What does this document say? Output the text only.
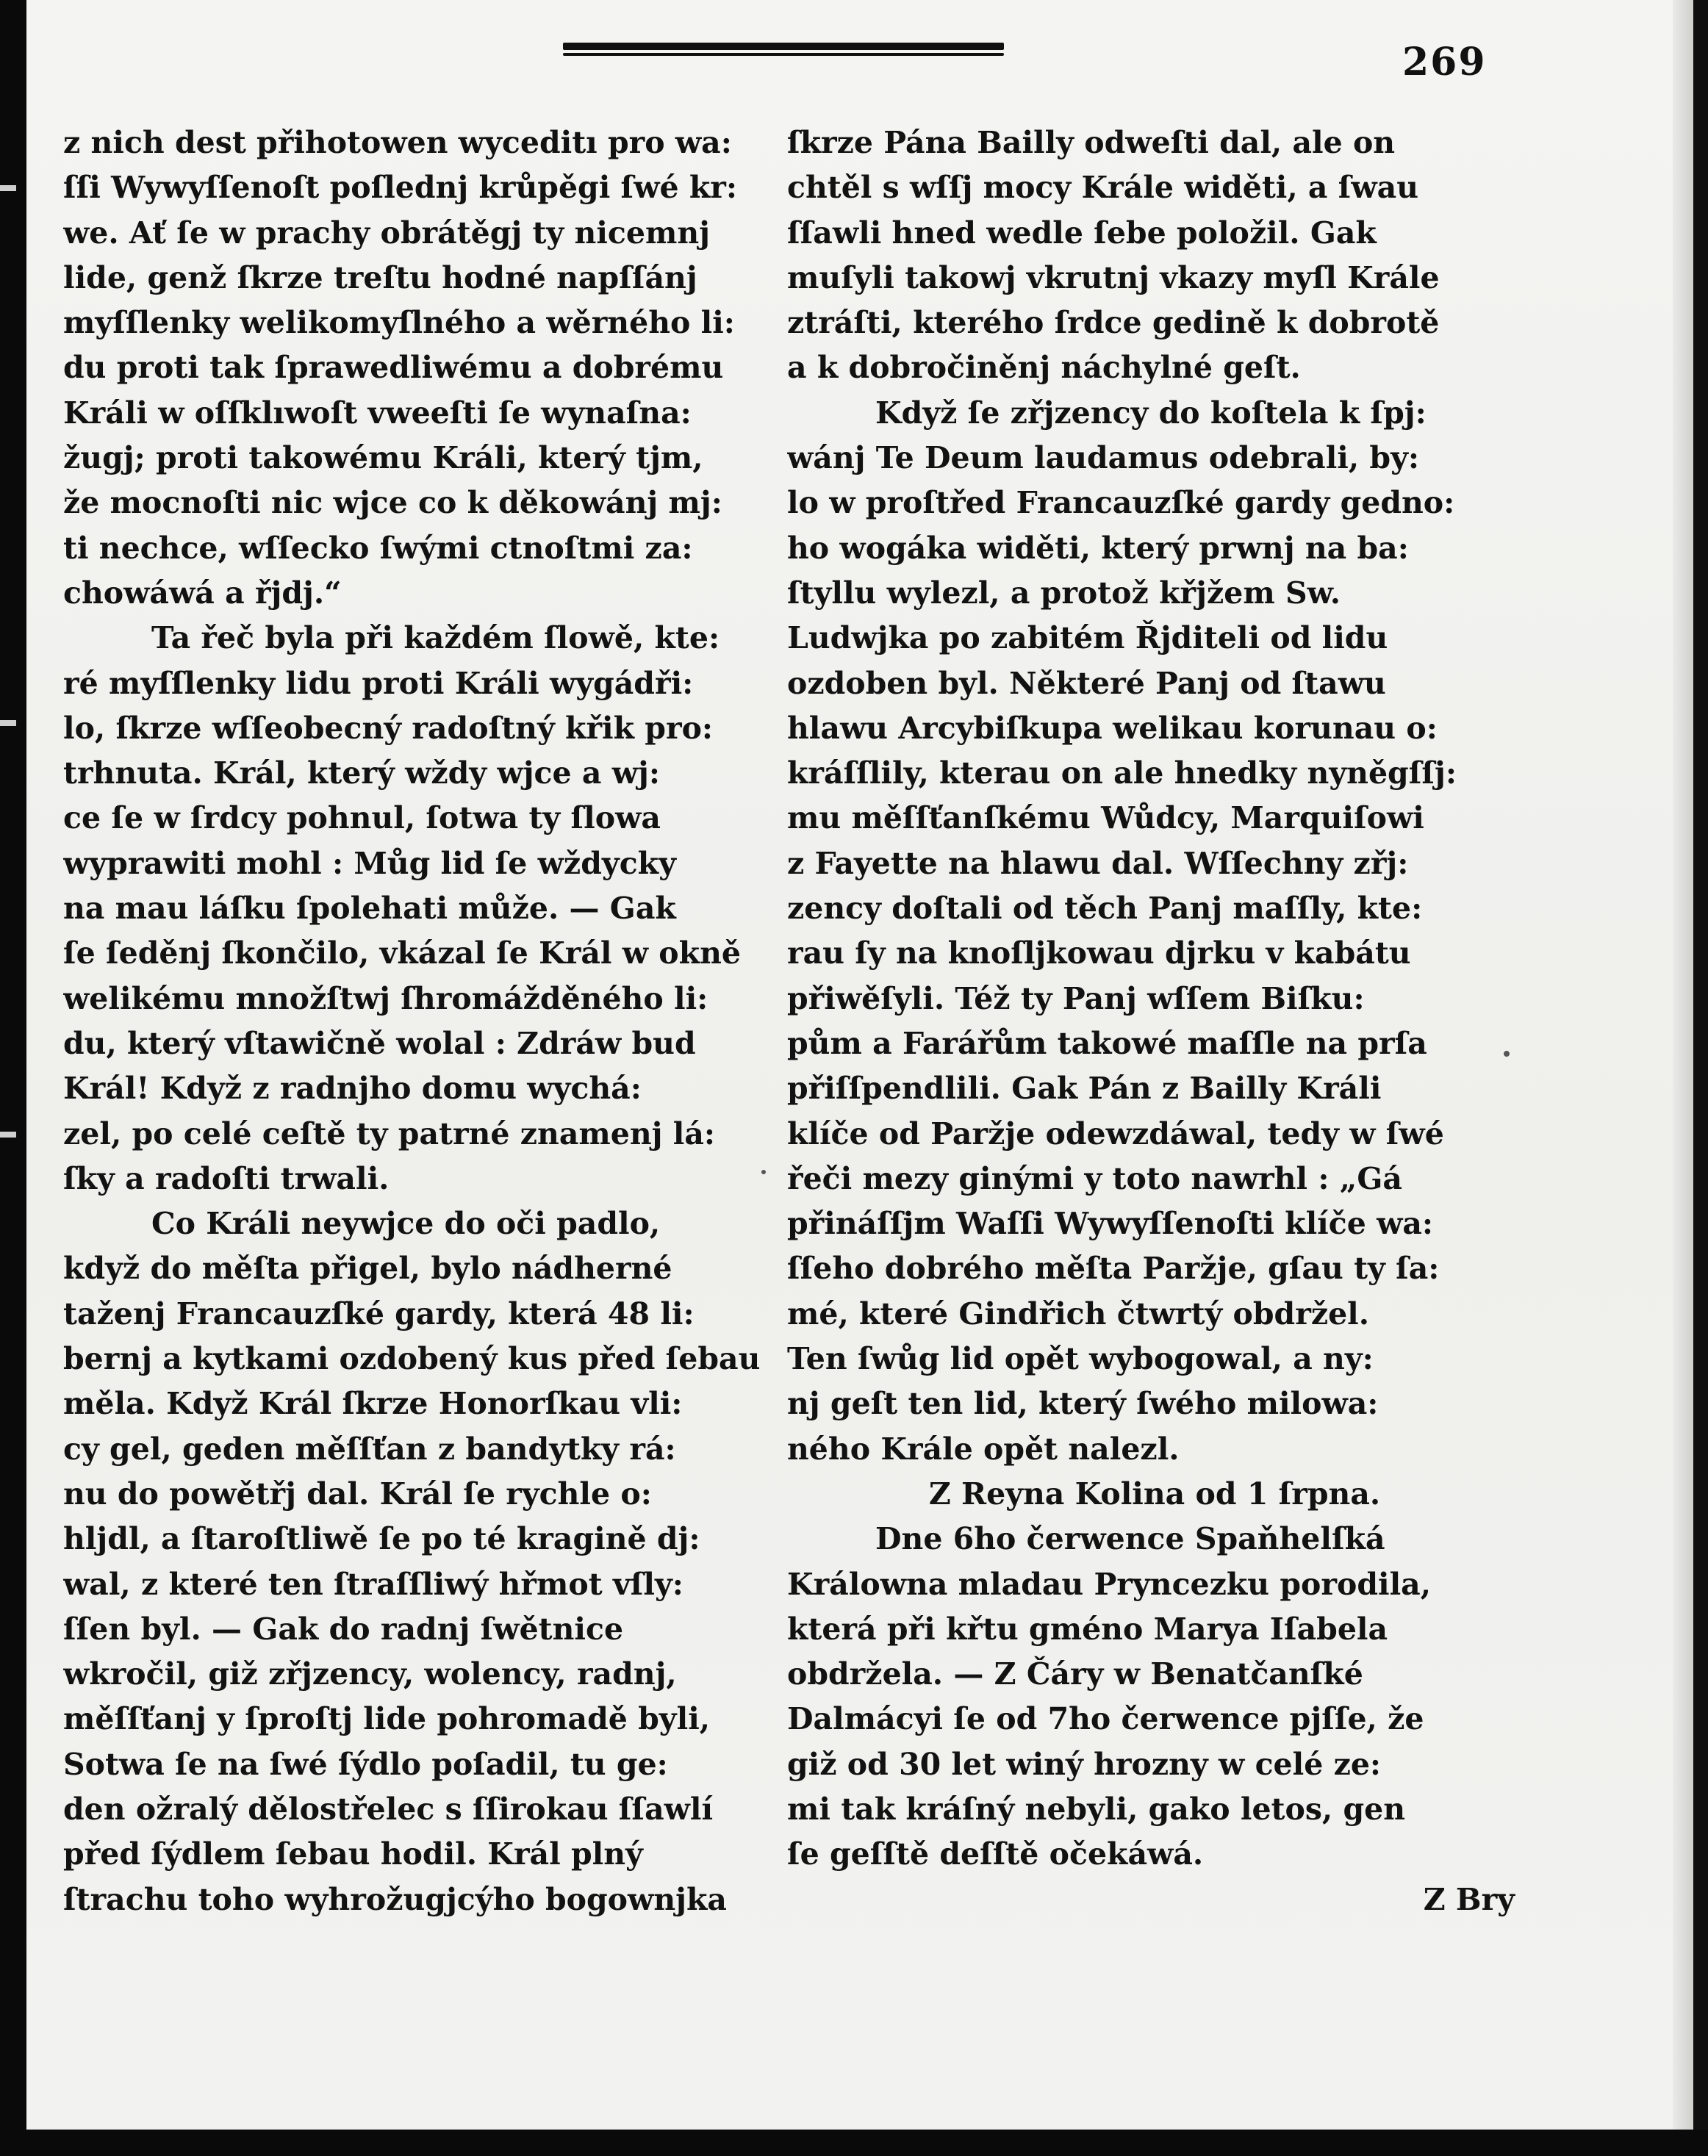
269
z nich dest přihotowen wyceditı pro wa:
ſſi Wywyſſenoſt poſlednj krůpěgi ſwé kr:
we. Ať ſe w prachy obrátěgj ty nicemnj
lide, genž ſkrze treſtu hodné napſſánj
myſſlenky welikomyſlného a wěrného li:
du proti tak ſprawedliwému a dobrému
Králi w oſſklıwoſt vweeſti ſe wynaſna:
žugj; proti takowému Králi, který tjm,
že mocnoſti nic wjce co k děkowánj mj:
ti nechce, wſſecko ſwými ctnoſtmi za:
chowáwá a řjdj.“
Ta řeč byla při každém ſlowě, kte:
ré myſſlenky lidu proti Králi wygádři:
lo, ſkrze wſſeobecný radoſtný křik pro:
trhnuta. Král, který wždy wjce a wj:
ce ſe w ſrdcy pohnul, ſotwa ty ſlowa
wyprawiti mohl : Můg lid ſe wždycky
na mau láſku ſpolehati může. — Gak
ſe ſeděnj ſkončilo, vkázal ſe Král w okně
welikému množſtwj ſhromážděného li:
du, který vſtawičně wolal : Zdráw bud
Král! Když z radnjho domu wychá:
zel, po celé ceſtě ty patrné znamenj lá:
ſky a radoſti trwali.
Co Králi neywjce do oči padlo,
když do měſta přigel, bylo nádherné
taženj Francauzſké gardy, která 48 li:
bernj a kytkami ozdobený kus před ſebau
měla. Když Král ſkrze Honorſkau vli:
cy gel, geden měſſťan z bandytky rá:
nu do powětřj dal. Král ſe rychle o:
hljdl, a ſtaroſtliwě ſe po té kragině dj:
wal, z které ten ſtraſſliwý hřmot vſly:
ſſen byl. — Gak do radnj ſwětnice
wkročil, giž zřjzency, wolency, radnj,
měſſťanj y ſproſtj lide pohromadě byli,
Sotwa ſe na ſwé ſýdlo poſadil, tu ge:
den ožralý dělostřelec s ſſirokau ſſawlí
před ſýdlem ſebau hodil. Král plný
ſtrachu toho wyhrožugjcýho bogownjka
ſkrze Pána Bailly odweſti dal, ale on
chtěl s wſſj mocy Krále widěti, a ſwau
ſſawli hned wedle ſebe položil. Gak
muſyli takowj vkrutnj vkazy myſl Krále
ztráſti, kterého ſrdce gedině k dobrotě
a k dobročiněnj náchylné geſt.
Když ſe zřjzency do koſtela k ſpj:
wánj Te Deum laudamus odebrali, by:
lo w proſtřed Francauzſké gardy gedno:
ho wogáka widěti, který prwnj na ba:
ſtyllu wylezl, a protož křjžem Sw.
Ludwjka po zabitém Řjditeli od lidu
ozdoben byl. Některé Panj od ſtawu
hlawu Arcybiſkupa welikau korunau o:
kráſſlily, kterau on ale hnedky nyněgſſj:
mu měſſťanſkému Wůdcy, Marquiſowi
z Fayette na hlawu dal. Wſſechny zřj:
zency doſtali od těch Panj maſſly, kte:
rau ſy na knoſljkowau djrku v kabátu
přiwěſyli. Též ty Panj wſſem Biſku:
pům a Farářům takowé maſſle na prſa
přiſſpendlili. Gak Pán z Bailly Králi
klíče od Paržje odewzdáwal, tedy w ſwé
řeči mezy ginými y toto nawrhl : „Gá
přináſſjm Waſſi Wywyſſenoſti klíče wa:
ſſeho dobrého měſta Paržje, gſau ty ſa:
mé, které Gindřich čtwrtý obdržel.
Ten ſwůg lid opět wybogowal, a ny:
nj geſt ten lid, který ſwého milowa:
ného Krále opět nalezl.
Z Reyna Kolina od 1 ſrpna.
Dne 6ho čerwence Spaňhelſká
Králowna mladau Pryncezku porodila,
která při křtu gméno Marya Iſabela
obdržela. — Z Čáry w Benatčanſké
Dalmácyi ſe od 7ho čerwence pjſſe, že
giž od 30 let winý hrozny w celé ze:
mi tak kráſný nebyli, gako letos, gen
ſe geſſtě deſſtě očekáwá.
Z Bry
